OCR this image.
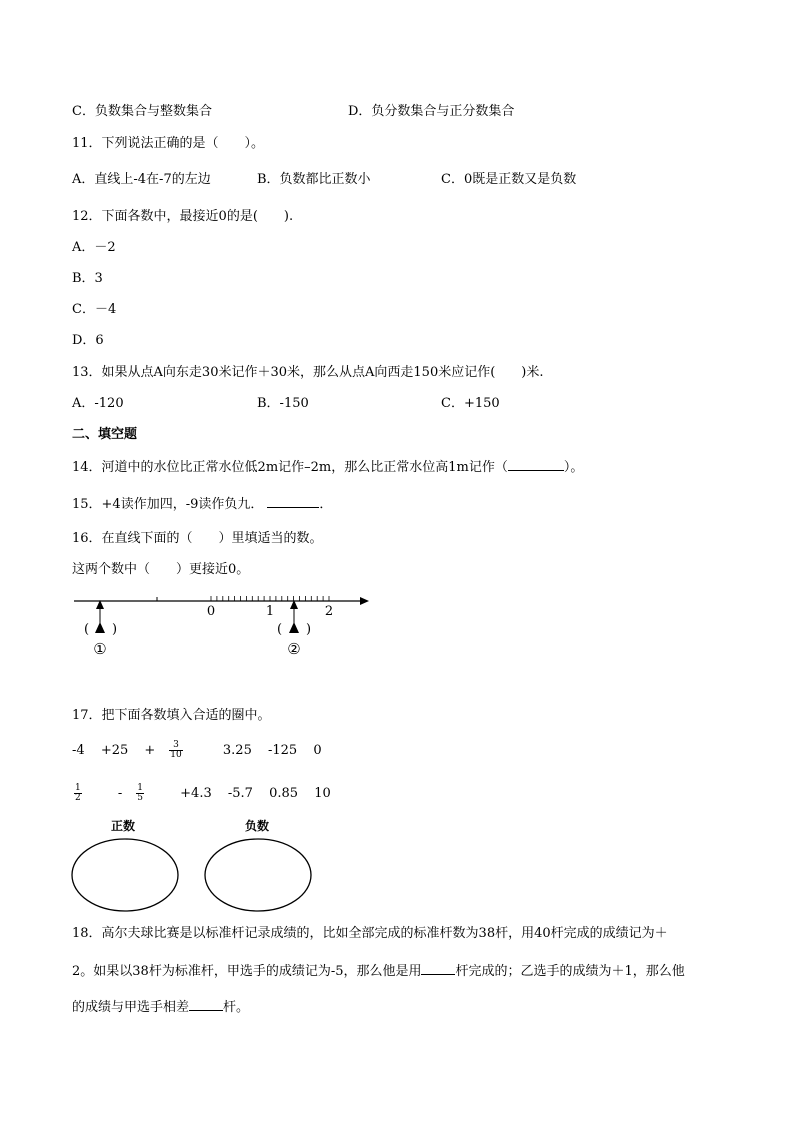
C．负数集合与整数集合	D．负分数集合与正分数集合
11．下列说法正确的是（　　）。
A．直线上-4在-7的左边	B．负数都比正数小	C．0既是正数又是负数
12．下面各数中，最接近0的是(　　).
A．－2
B．3
C．－4
D．6
13．如果从点A向东走30米记作＋30米，那么从点A向西走150米应记作(　　)米.
A．-120	B．-150	C．+150
二、填空题
14．河道中的水位比正常水位低2m记作–2m，那么比正常水位高1m记作（	）。
15．+4读作加四，-9读作负九．	．
16．在直线下面的（　　）里填适当的数。
这两个数中（　　）更接近0。
0	1	2
( )
①
( )
②
17．把下面各数填入合适的圈中。
$-4 +25 + \frac{3}{10} 3.25$ -125 0
$\frac{1}{2} - \frac{1}{5} +4.3$ -5.7 0.85 10
正数	负数
18．高尔夫球比赛是以标准杆记录成绩的，比如全部完成的标准杆数为38杆，用40杆完成的成绩记为＋
2。如果以38杆为标准杆，甲选手的成绩记为-5，那么他是用	杆完成的；乙选手的成绩为＋1，那么他
的成绩与甲选手相差	杆。
